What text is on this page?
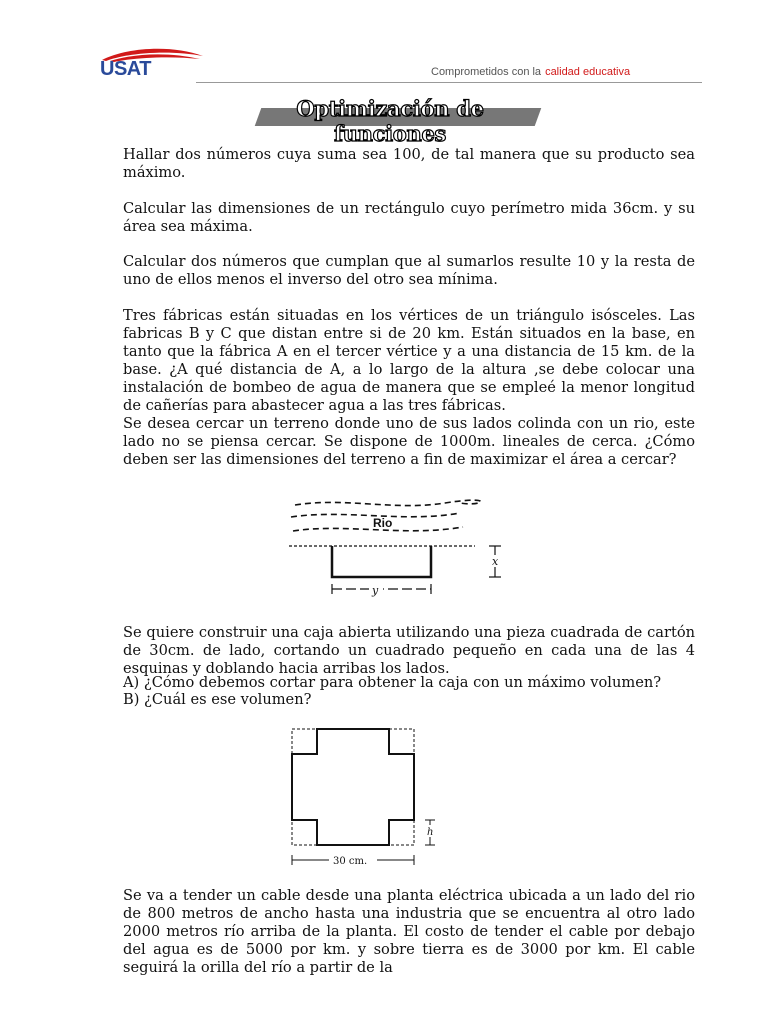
USAT	Comprometidos con la calidad educativa
Optimización de funciones

Hallar dos números cuya suma sea 100, de tal manera que su producto sea máximo.

Calcular las dimensiones de un rectángulo cuyo perímetro mida 36cm. y su área sea máxima.

Calcular dos números que cumplan que al sumarlos resulte 10 y la resta de uno de ellos menos el inverso del otro sea mínima.

Tres fábricas están situadas en los vértices de un triángulo isósceles. Las fabricas B y C que distan entre si de 20 km. Están situados en la base, en tanto que la fábrica A en el tercer vértice y a una distancia de 15 km. de la base. ¿A qué distancia de A, a lo largo de la altura ,se debe colocar una instalación de bombeo de agua de manera que se empleé la menor longitud de cañerías para abastecer agua a las tres fábricas.

Se desea cercar un terreno donde uno de sus lados colinda con un rio, este lado no se piensa cercar. Se dispone de 1000m. lineales de cerca. ¿Cómo deben ser las dimensiones del terreno a fin de maximizar el área a cercar?

Rio
y
x

Se quiere construir una caja abierta utilizando una pieza cuadrada de cartón de 30cm. de lado, cortando un cuadrado pequeño en cada una de las 4 esquinas y doblando hacia arribas los lados.

A) ¿Cómo debemos cortar para obtener la caja con un máximo volumen?

B) ¿Cuál es ese volumen?

h
30 cm.

Se va a tender un cable desde una planta eléctrica ubicada a un lado del rio de 800 metros de ancho hasta una industria que se encuentra al otro lado 2000 metros río arriba de la planta. El costo de tender el cable por debajo del agua es de 5000 por km. y sobre tierra es de 3000 por km. El cable seguirá la orilla del río a partir de la
